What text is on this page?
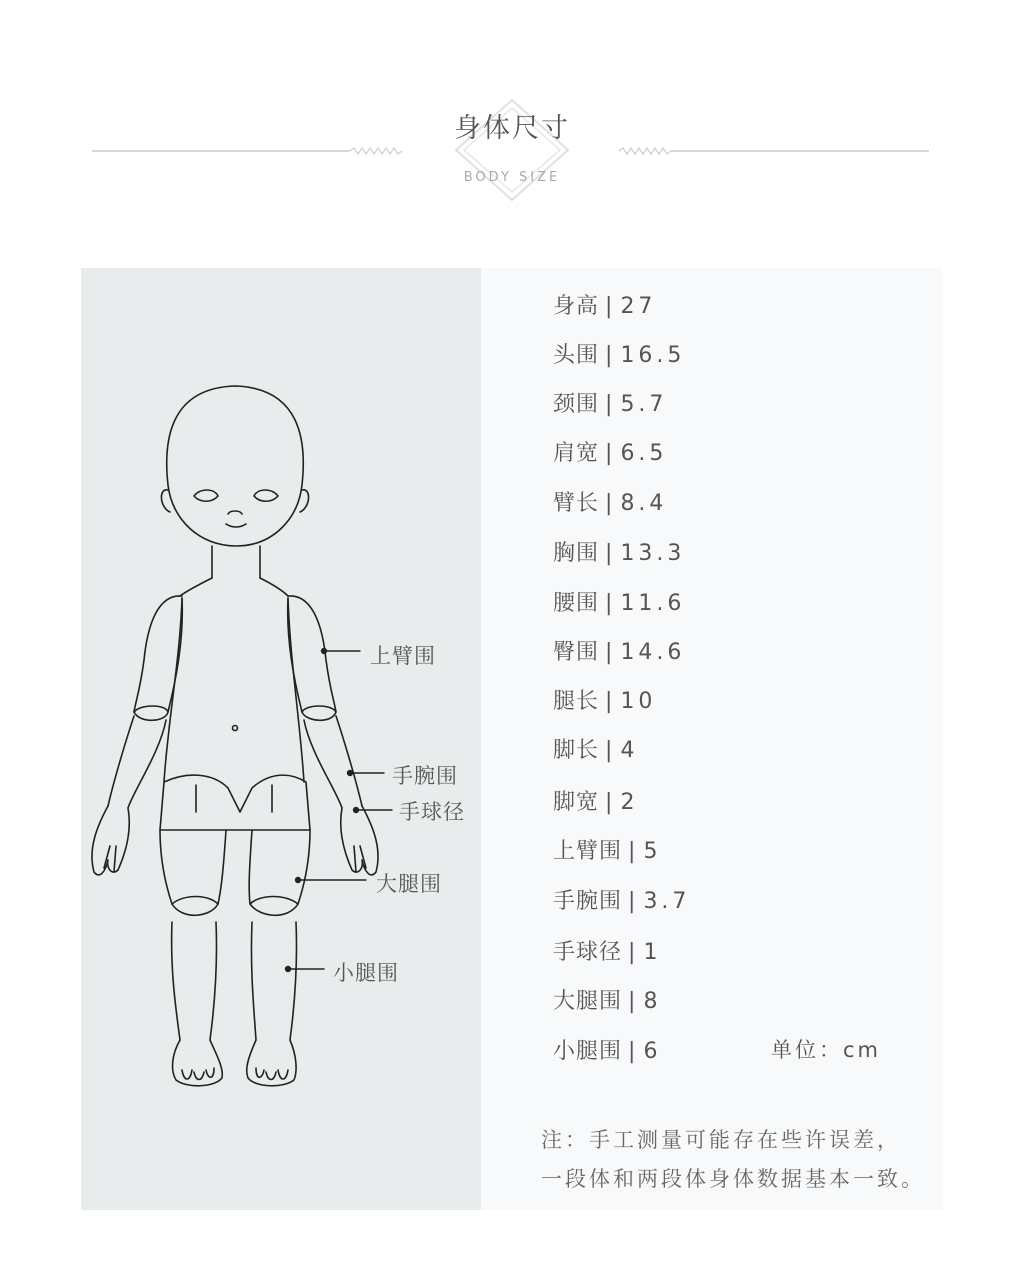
身体尺寸
BODY SIZE
上臂围
手腕围
手球径
大腿围
小腿围
身高 | 27
头围 | 16.5
颈围 | 5.7
肩宽 | 6.5
臂长 | 8.4
胸围 | 13.3
腰围 | 11.6
臀围 | 14.6
腿长 | 10
脚长 | 4
脚宽 | 2
上臂围 | 5
手腕围 | 3.7
手球径 | 1
大腿围 | 8
小腿围 | 6	单位：cm
注：手工测量可能存在些许误差，
一段体和两段体身体数据基本一致。
